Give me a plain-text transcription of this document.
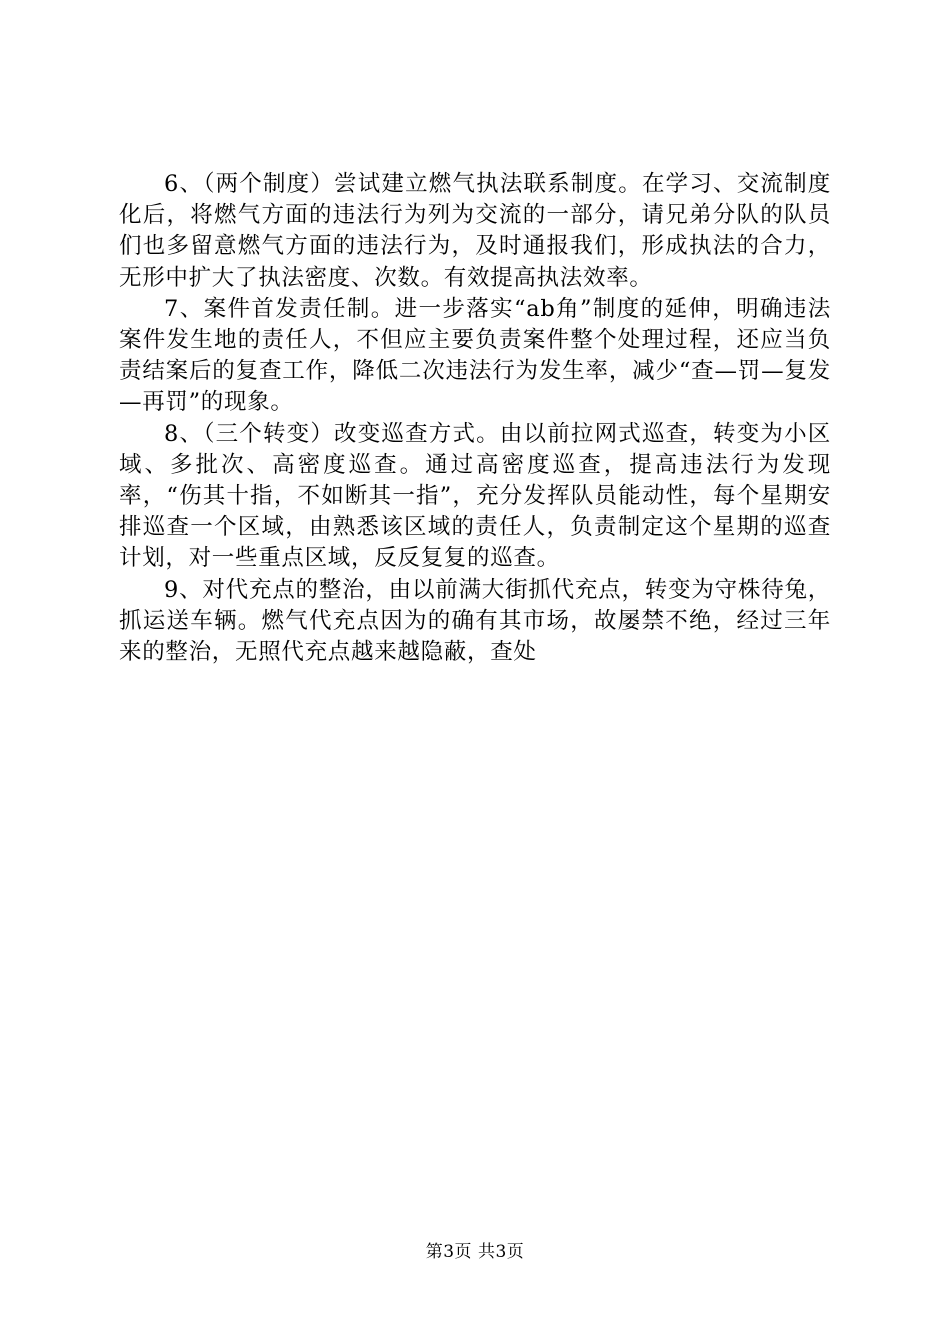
6、（两个制度）尝试建立燃气执法联系制度。在学习、交流制度化后，将燃气方面的违法行为列为交流的一部分，请兄弟分队的队员们也多留意燃气方面的违法行为，及时通报我们，形成执法的合力，无形中扩大了执法密度、次数。有效提高执法效率。

7、案件首发责任制。进一步落实“ab角”制度的延伸，明确违法案件发生地的责任人，不但应主要负责案件整个处理过程，还应当负责结案后的复查工作，降低二次违法行为发生率，减少“查—罚—复发—再罚”的现象。

8、（三个转变）改变巡查方式。由以前拉网式巡查，转变为小区域、多批次、高密度巡查。通过高密度巡查，提高违法行为发现率，“伤其十指，不如断其一指”，充分发挥队员能动性，每个星期安排巡查一个区域，由熟悉该区域的责任人，负责制定这个星期的巡查计划，对一些重点区域，反反复复的巡查。

9、对代充点的整治，由以前满大街抓代充点，转变为守株待兔，抓运送车辆。燃气代充点因为的确有其市场，故屡禁不绝，经过三年来的整治，无照代充点越来越隐蔽，查处

第3页 共3页
